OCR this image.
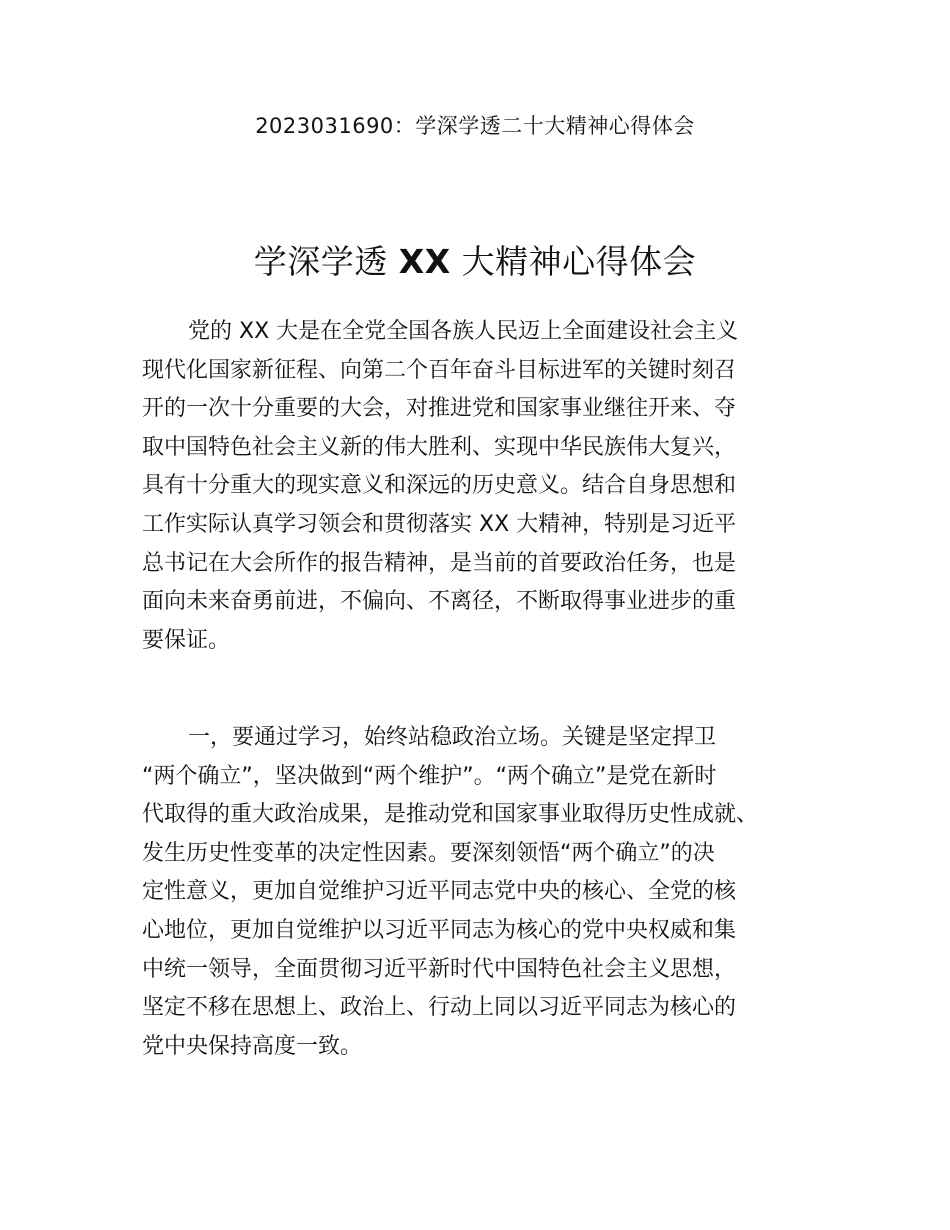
2023031690：学深学透二十大精神心得体会
学深学透 XX 大精神心得体会
党的 XX 大是在全党全国各族人民迈上全面建设社会主义
现代化国家新征程、向第二个百年奋斗目标进军的关键时刻召
开的一次十分重要的大会，对推进党和国家事业继往开来、夺
取中国特色社会主义新的伟大胜利、实现中华民族伟大复兴，
具有十分重大的现实意义和深远的历史意义。结合自身思想和
工作实际认真学习领会和贯彻落实 XX 大精神，特别是习近平
总书记在大会所作的报告精神，是当前的首要政治任务，也是
面向未来奋勇前进，不偏向、不离径，不断取得事业进步的重
要保证。
一，要通过学习，始终站稳政治立场。关键是坚定捍卫
“两个确立”，坚决做到“两个维护”。“两个确立”是党在新时
代取得的重大政治成果，是推动党和国家事业取得历史性成就、
发生历史性变革的决定性因素。要深刻领悟“两个确立”的决
定性意义，更加自觉维护习近平同志党中央的核心、全党的核
心地位，更加自觉维护以习近平同志为核心的党中央权威和集
中统一领导，全面贯彻习近平新时代中国特色社会主义思想，
坚定不移在思想上、政治上、行动上同以习近平同志为核心的
党中央保持高度一致。
